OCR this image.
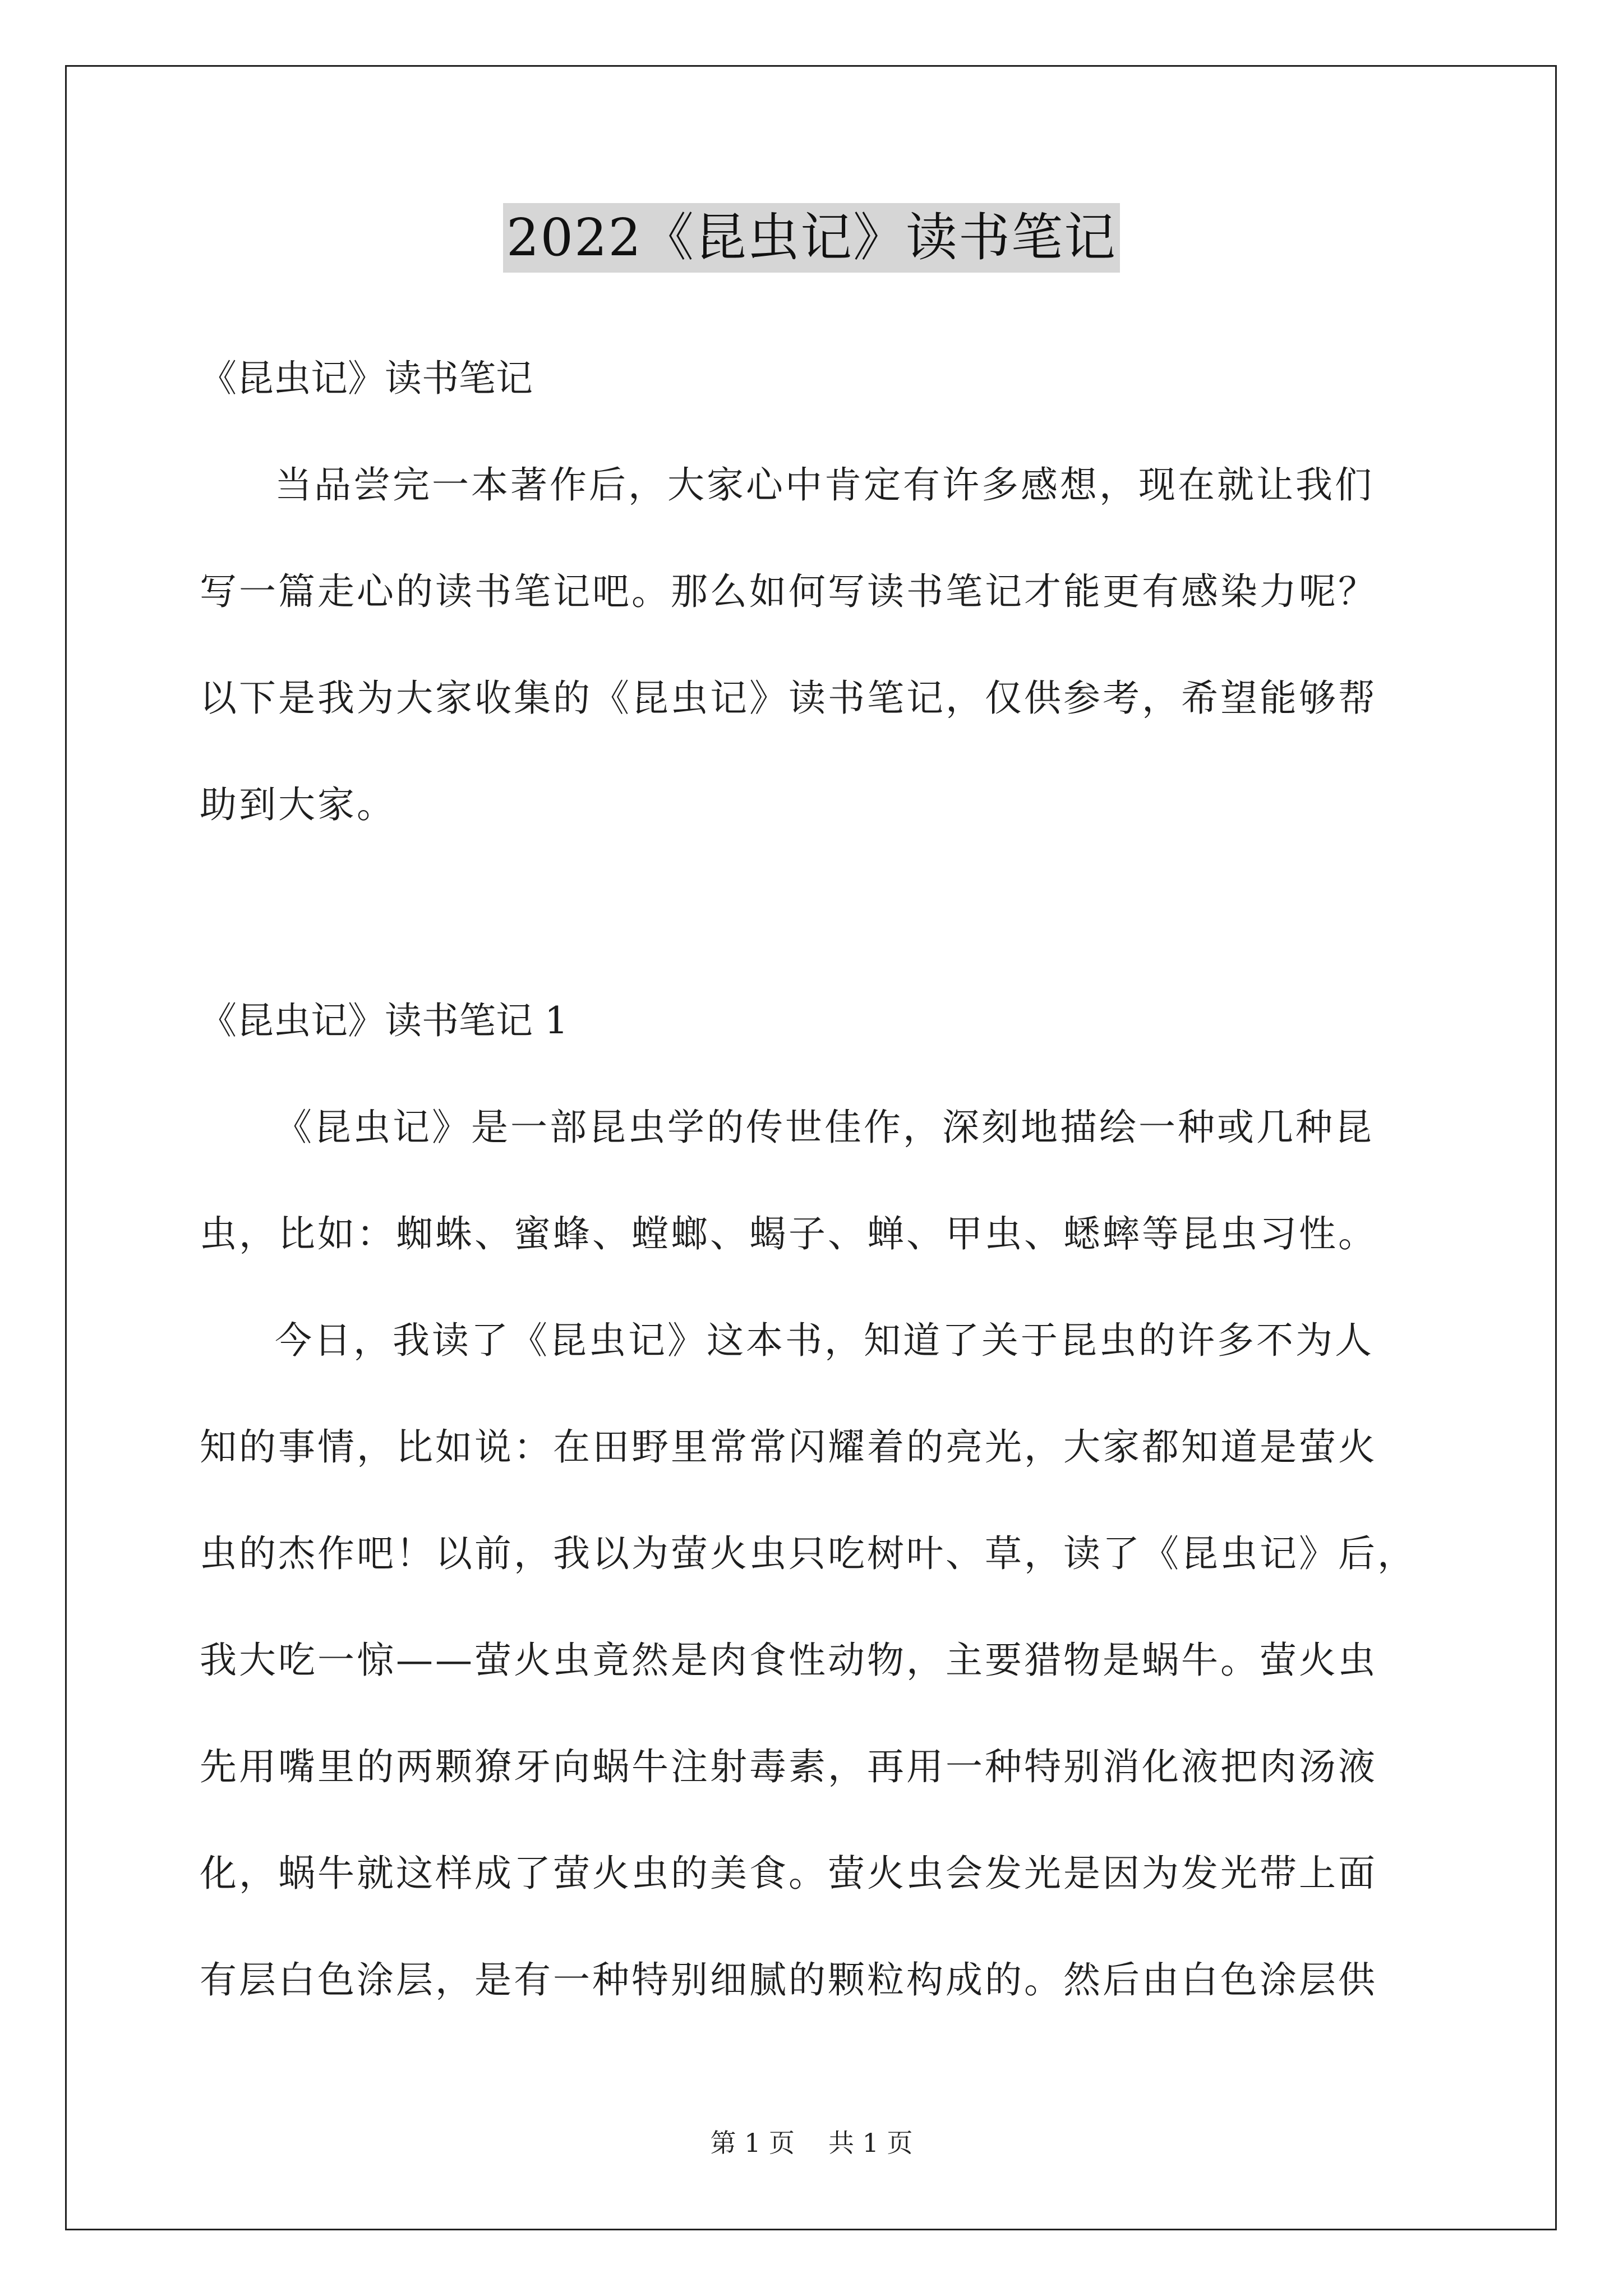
2022《昆虫记》读书笔记
《昆虫记》读书笔记
当品尝完一本著作后，大家心中肯定有许多感想，现在就让我们
写一篇走心的读书笔记吧。那么如何写读书笔记才能更有感染力呢？
以下是我为大家收集的《昆虫记》读书笔记，仅供参考，希望能够帮
助到大家。
《昆虫记》读书笔记 1
《昆虫记》是一部昆虫学的传世佳作，深刻地描绘一种或几种昆
虫，比如：蜘蛛、蜜蜂、螳螂、蝎子、蝉、甲虫、蟋蟀等昆虫习性。
今日，我读了《昆虫记》这本书，知道了关于昆虫的许多不为人
知的事情，比如说：在田野里常常闪耀着的亮光，大家都知道是萤火
虫的杰作吧！以前，我以为萤火虫只吃树叶、草，读了《昆虫记》后，
我大吃一惊——萤火虫竟然是肉食性动物，主要猎物是蜗牛。萤火虫
先用嘴里的两颗獠牙向蜗牛注射毒素，再用一种特别消化液把肉汤液
化，蜗牛就这样成了萤火虫的美食。萤火虫会发光是因为发光带上面
有层白色涂层，是有一种特别细腻的颗粒构成的。然后由白色涂层供
第 1 页 共 1 页
